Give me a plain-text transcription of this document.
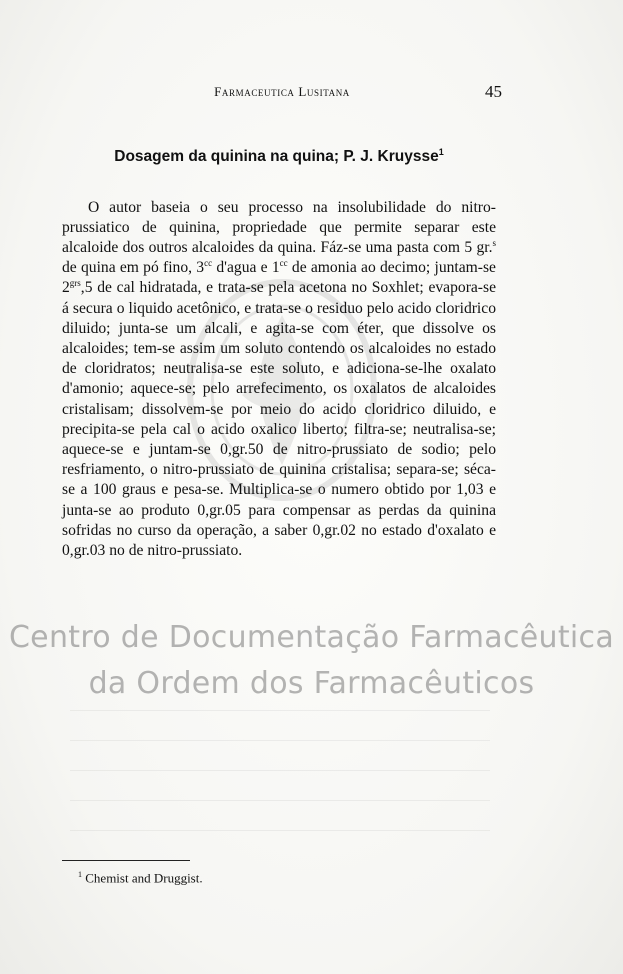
Farmaceutica Lusitana	45
Dosagem da quinina na quina; P. J. Kruysse$^1$

O autor baseia o seu processo na insolubilidade do nitro-prussiatico de quinina, propriedade que permite separar este alcaloide dos outros alcaloides da quina. Fáz-se uma pasta com 5 gr.$^s$ de quina em pó fino, $3^{cc}$ d'agua e $1^{cc}$ de amonia ao decimo; juntam-se $2^{grs},5$ de cal hidratada, e trata-se pela acetona no Soxhlet; evapora-se á secura o liquido acetônico, e trata-se o residuo pelo acido cloridrico diluido; junta-se um alcali, e agita-se com éter, que dissolve os alcaloides; tem-se assim um soluto contendo os alcaloides no estado de cloridratos; neutralisa-se este soluto, e adiciona-se-lhe oxalato d'amonio; aquece-se; pelo arrefecimento, os oxalatos de alcaloides cristalisam; dissolvem-se por meio do acido cloridrico diluido, e precipita-se pela cal o acido oxalico liberto; filtra-se; neutralisa-se; aquece-se e juntam-se 0,gr.50 de nitro-prussiato de sodio; pelo resfriamento, o nitro-prussiato de quinina cristalisa; separa-se; séca-se a 100 graus e pesa-se. Multiplica-se o numero obtido por 1,03 e junta-se ao produto 0,gr.05 para compensar as perdas da quinina sofridas no curso da operação, a saber 0,gr.02 no estado d'oxalato e 0,gr.03 no de nitro-prussiato.

Centro de Documentação Farmacêutica
da Ordem dos Farmacêuticos
$^1$ Chemist and Druggist.
